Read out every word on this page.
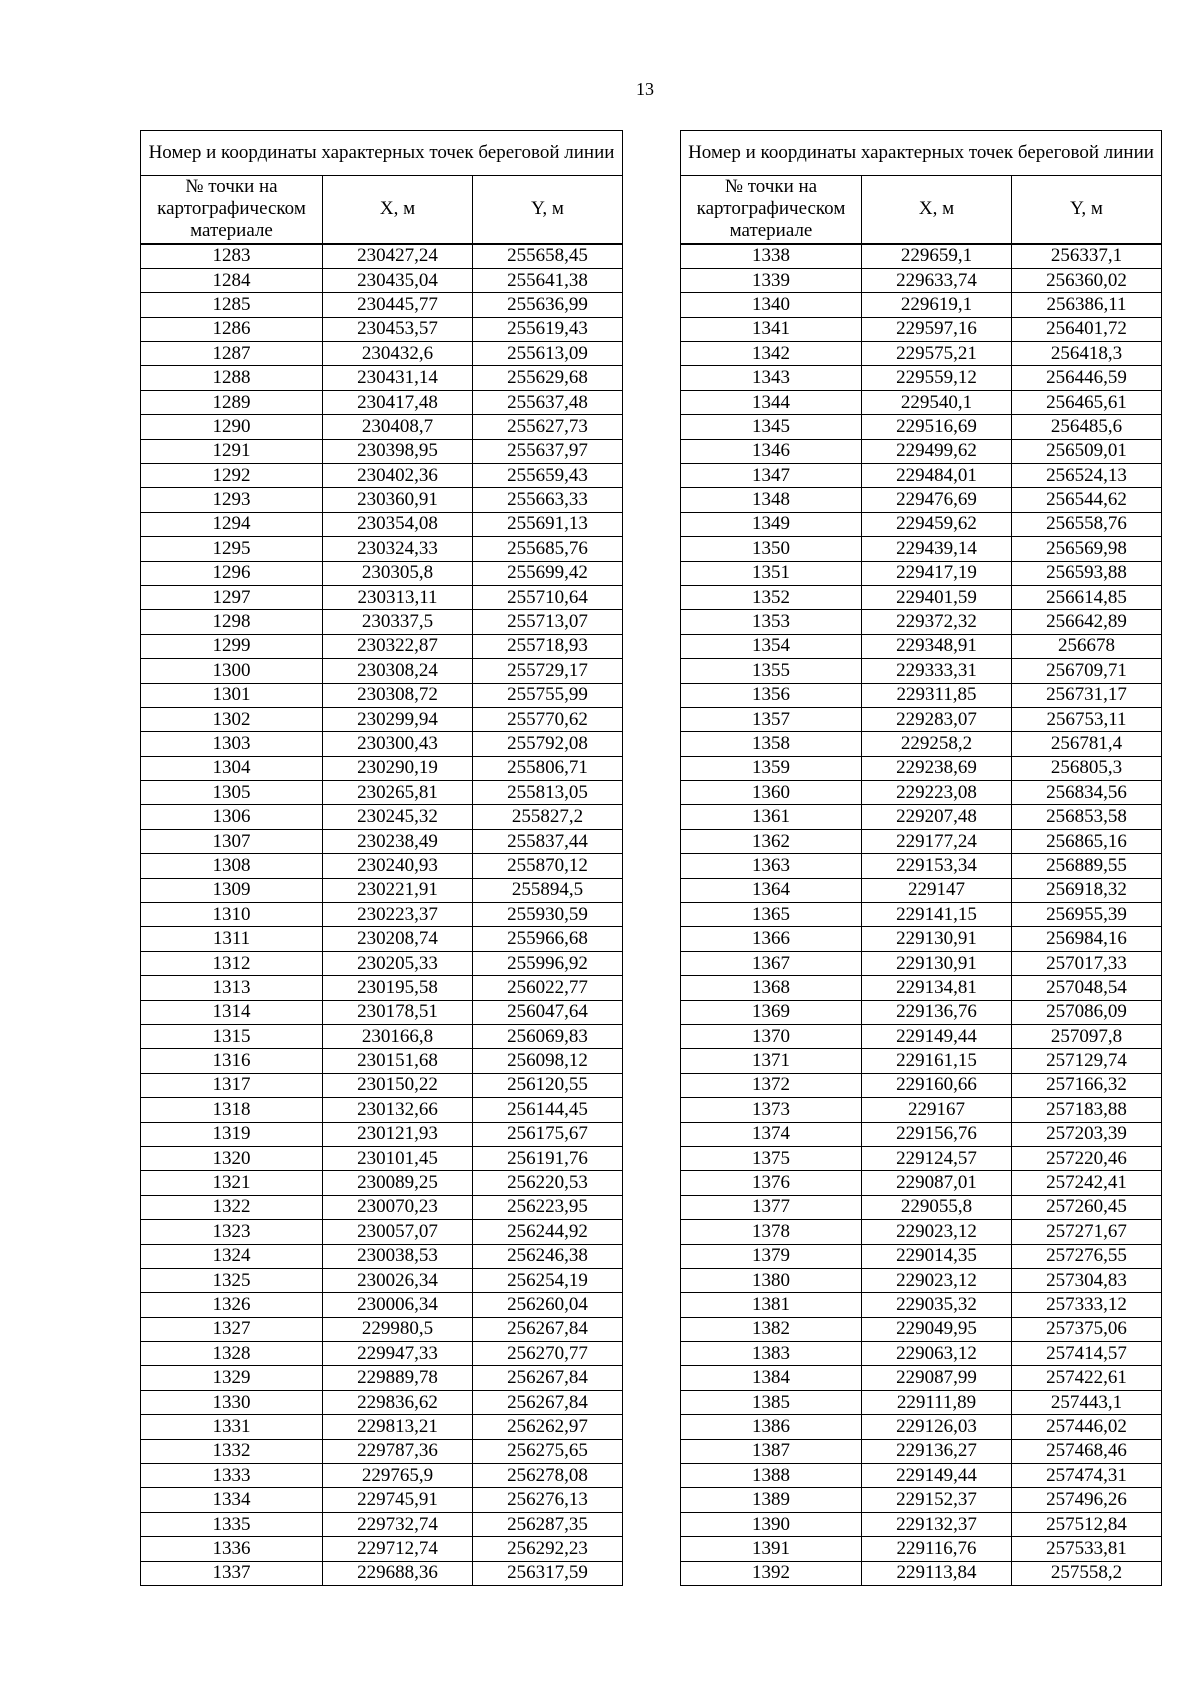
13
Номер и координаты характерных точек береговой линии		
№ точки на картографическом материале	X, м	Y, м
1283	230427,24	255658,45
1284	230435,04	255641,38
1285	230445,77	255636,99
1286	230453,57	255619,43
1287	230432,6	255613,09
1288	230431,14	255629,68
1289	230417,48	255637,48
1290	230408,7	255627,73
1291	230398,95	255637,97
1292	230402,36	255659,43
1293	230360,91	255663,33
1294	230354,08	255691,13
1295	230324,33	255685,76
1296	230305,8	255699,42
1297	230313,11	255710,64
1298	230337,5	255713,07
1299	230322,87	255718,93
1300	230308,24	255729,17
1301	230308,72	255755,99
1302	230299,94	255770,62
1303	230300,43	255792,08
1304	230290,19	255806,71
1305	230265,81	255813,05
1306	230245,32	255827,2
1307	230238,49	255837,44
1308	230240,93	255870,12
1309	230221,91	255894,5
1310	230223,37	255930,59
1311	230208,74	255966,68
1312	230205,33	255996,92
1313	230195,58	256022,77
1314	230178,51	256047,64
1315	230166,8	256069,83
1316	230151,68	256098,12
1317	230150,22	256120,55
1318	230132,66	256144,45
1319	230121,93	256175,67
1320	230101,45	256191,76
1321	230089,25	256220,53
1322	230070,23	256223,95
1323	230057,07	256244,92
1324	230038,53	256246,38
1325	230026,34	256254,19
1326	230006,34	256260,04
1327	229980,5	256267,84
1328	229947,33	256270,77
1329	229889,78	256267,84
1330	229836,62	256267,84
1331	229813,21	256262,97
1332	229787,36	256275,65
1333	229765,9	256278,08
1334	229745,91	256276,13
1335	229732,74	256287,35
1336	229712,74	256292,23
1337	229688,36	256317,59
Номер и координаты характерных точек береговой линии		
№ точки на картографическом материале	X, м	Y, м
1338	229659,1	256337,1
1339	229633,74	256360,02
1340	229619,1	256386,11
1341	229597,16	256401,72
1342	229575,21	256418,3
1343	229559,12	256446,59
1344	229540,1	256465,61
1345	229516,69	256485,6
1346	229499,62	256509,01
1347	229484,01	256524,13
1348	229476,69	256544,62
1349	229459,62	256558,76
1350	229439,14	256569,98
1351	229417,19	256593,88
1352	229401,59	256614,85
1353	229372,32	256642,89
1354	229348,91	256678
1355	229333,31	256709,71
1356	229311,85	256731,17
1357	229283,07	256753,11
1358	229258,2	256781,4
1359	229238,69	256805,3
1360	229223,08	256834,56
1361	229207,48	256853,58
1362	229177,24	256865,16
1363	229153,34	256889,55
1364	229147	256918,32
1365	229141,15	256955,39
1366	229130,91	256984,16
1367	229130,91	257017,33
1368	229134,81	257048,54
1369	229136,76	257086,09
1370	229149,44	257097,8
1371	229161,15	257129,74
1372	229160,66	257166,32
1373	229167	257183,88
1374	229156,76	257203,39
1375	229124,57	257220,46
1376	229087,01	257242,41
1377	229055,8	257260,45
1378	229023,12	257271,67
1379	229014,35	257276,55
1380	229023,12	257304,83
1381	229035,32	257333,12
1382	229049,95	257375,06
1383	229063,12	257414,57
1384	229087,99	257422,61
1385	229111,89	257443,1
1386	229126,03	257446,02
1387	229136,27	257468,46
1388	229149,44	257474,31
1389	229152,37	257496,26
1390	229132,37	257512,84
1391	229116,76	257533,81
1392	229113,84	257558,2
